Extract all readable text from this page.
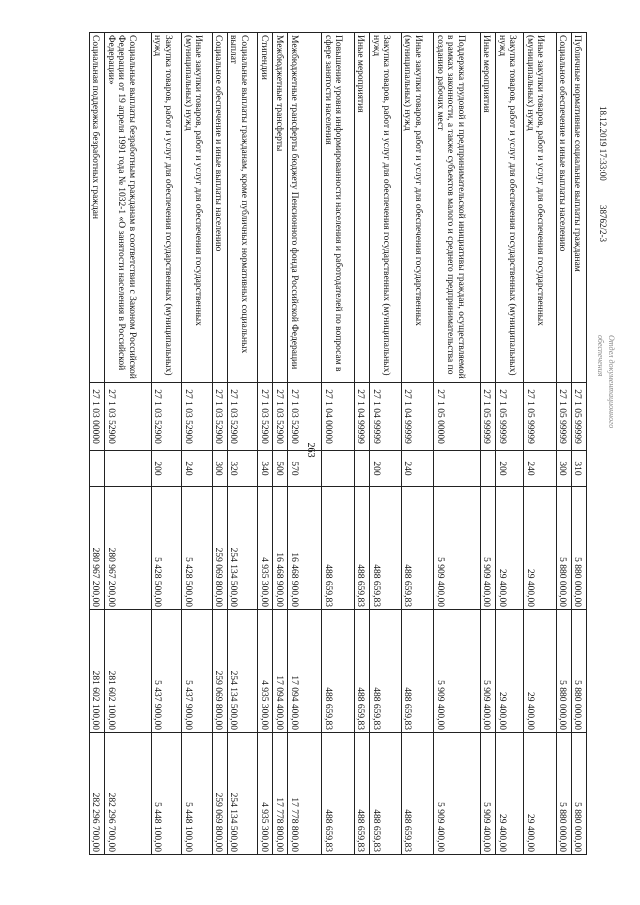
263
Отдел документационного
обеспечения
18.12.2019 17:33:00 38762/2-3
Публичные нормативные социальные выплаты гражданам	27 1 05 99999	310	5 880 000,00	5 880 000,00	5 880 000,00
Социальное обеспечение и иные выплаты населению	27 1 05 99999	300	5 880 000,00	5 880 000,00	5 880 000,00
Иные закупки товаров, работ и услуг для обеспечения государственных (муниципальных) нужд	27 1 05 99999	240	29 400,00	29 400,00	29 400,00
Закупка товаров, работ и услуг для обеспечения государственных (муниципальных) нужд	27 1 05 99999	200	29 400,00	29 400,00	29 400,00
Иные мероприятия	27 1 05 99999		5 909 400,00	5 909 400,00	5 909 400,00
Поддержка трудовой и предпринимательской инициативы граждан, осуществляемой в рамках законности, а также субъектов малого и среднего предпринимательства по созданию рабочих мест	27 1 05 00000		5 909 400,00	5 909 400,00	5 909 400,00
Иные закупки товаров, работ и услуг для обеспечения государственных (муниципальных) нужд	27 1 04 99999	240	488 659,83	488 659,83	488 659,83
Закупка товаров, работ и услуг для обеспечения государственных (муниципальных) нужд	27 1 04 99999	200	488 659,83	488 659,83	488 659,83
Иные мероприятия	27 1 04 99999		488 659,83	488 659,83	488 659,83
Повышение уровня информированности населения и работодателей по вопросам в сфере занятости населения	27 1 04 00000		488 659,83	488 659,83	488 659,83
Межбюджетные трансферты бюджету Пенсионного фонда Российской Федерации	27 1 03 52900	570	16 468 900,00	17 094 400,00	17 778 800,00
Межбюджетные трансферты	27 1 03 52900	500	16 468 900,00	17 094 400,00	17 778 800,00
Стипендии	27 1 03 52900	340	4 935 300,00	4 935 300,00	4 935 300,00
Социальные выплаты гражданам, кроме публичных нормативных социальных выплат	27 1 03 52900	320	254 134 500,00	254 134 500,00	254 134 500,00
Социальное обеспечение и иные выплаты населению	27 1 03 52900	300	259 069 800,00	259 069 800,00	259 069 800,00
Иные закупки товаров, работ и услуг для обеспечения государственных (муниципальных) нужд	27 1 03 52900	240	5 428 500,00	5 437 900,00	5 448 100,00
Закупка товаров, работ и услуг для обеспечения государственных (муниципальных) нужд	27 1 03 52900	200	5 428 500,00	5 437 900,00	5 448 100,00
Социальные выплаты безработным гражданам в соответствии с Законом Российской Федерации от 19 апреля 1991 года № 1032-1 «О занятости населения в Российской Федерации»	27 1 03 52900		280 967 200,00	281 602 100,00	282 296 700,00
Социальная поддержка безработных граждан	27 1 03 00000		280 967 200,00	281 602 100,00	282 296 700,00
